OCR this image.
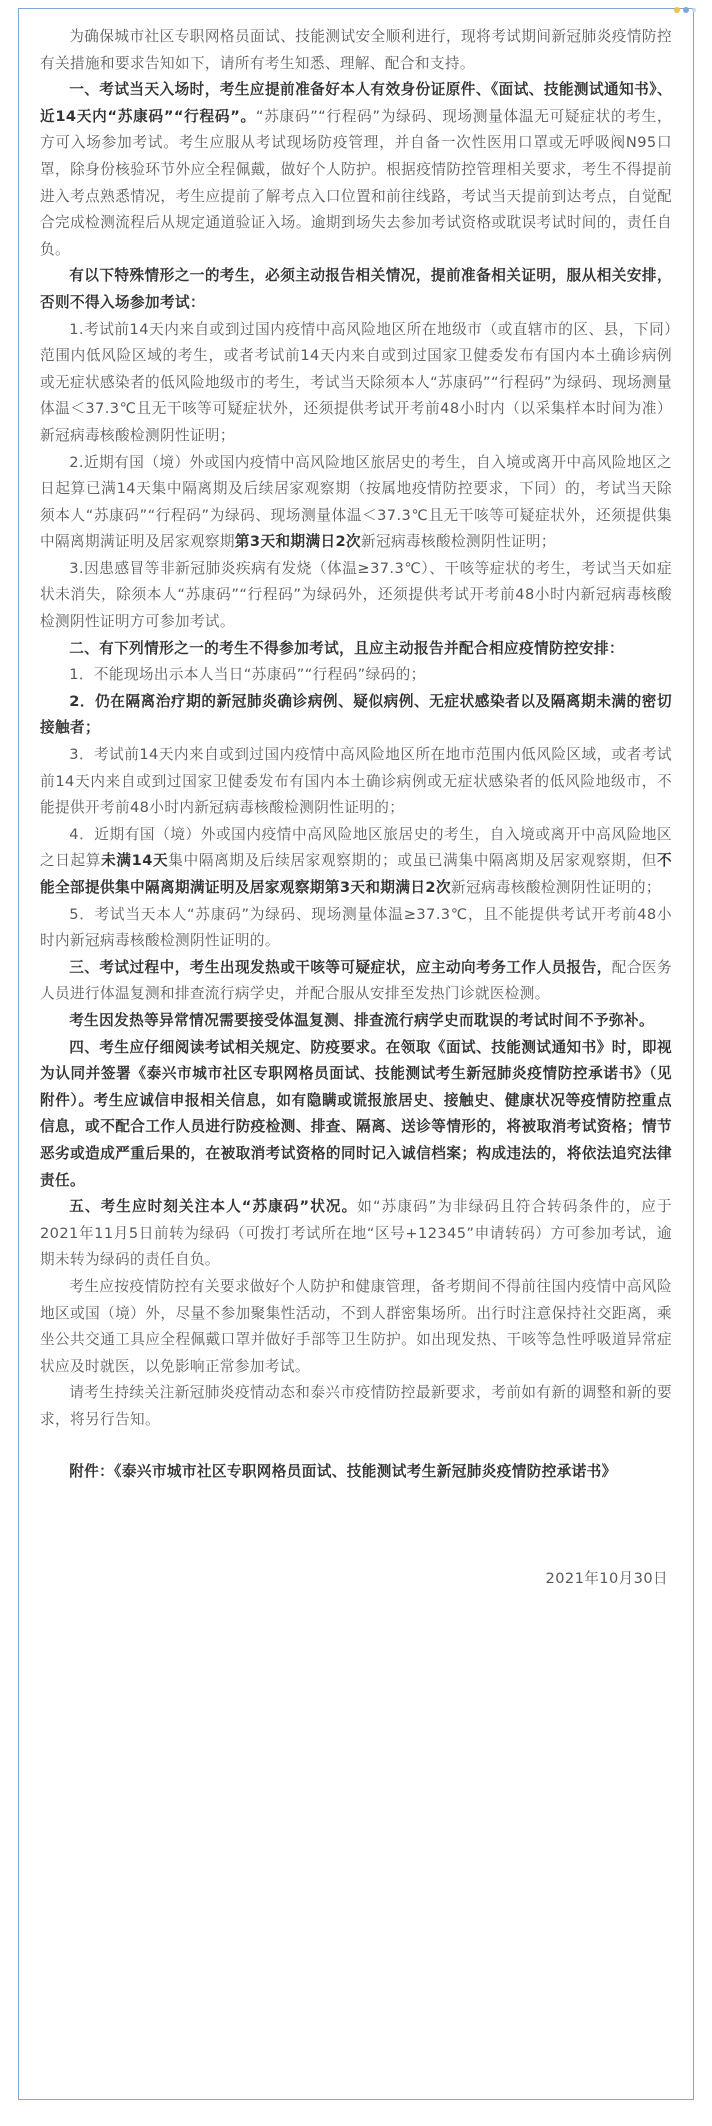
为确保城市社区专职网格员面试、技能测试安全顺利进行，现将考试期间新冠肺炎疫情防控有关措施和要求告知如下，请所有考生知悉、理解、配合和支持。

一、考试当天入场时，考生应提前准备好本人有效身份证原件、《面试、技能测试通知书》、近14天内“苏康码”“行程码”。“苏康码”“行程码”为绿码、现场测量体温无可疑症状的考生，方可入场参加考试。考生应服从考试现场防疫管理，并自备一次性医用口罩或无呼吸阀N95口罩，除身份核验环节外应全程佩戴，做好个人防护。根据疫情防控管理相关要求，考生不得提前进入考点熟悉情况，考生应提前了解考点入口位置和前往线路，考试当天提前到达考点，自觉配合完成检测流程后从规定通道验证入场。逾期到场失去参加考试资格或耽误考试时间的，责任自负。

有以下特殊情形之一的考生，必须主动报告相关情况，提前准备相关证明，服从相关安排，否则不得入场参加考试：

1.考试前14天内来自或到过国内疫情中高风险地区所在地级市（或直辖市的区、县，下同）范围内低风险区域的考生，或者考试前14天内来自或到过国家卫健委发布有国内本土确诊病例或无症状感染者的低风险地级市的考生，考试当天除须本人“苏康码”“行程码”为绿码、现场测量体温＜37.3℃且无干咳等可疑症状外，还须提供考试开考前48小时内（以采集样本时间为准）新冠病毒核酸检测阴性证明；

2.近期有国（境）外或国内疫情中高风险地区旅居史的考生，自入境或离开中高风险地区之日起算已满14天集中隔离期及后续居家观察期（按属地疫情防控要求，下同）的，考试当天除须本人“苏康码”“行程码”为绿码、现场测量体温＜37.3℃且无干咳等可疑症状外，还须提供集中隔离期满证明及居家观察期第3天和期满日2次新冠病毒核酸检测阴性证明；

3.因患感冒等非新冠肺炎疾病有发烧（体温≥37.3℃）、干咳等症状的考生，考试当天如症状未消失，除须本人“苏康码”“行程码”为绿码外，还须提供考试开考前48小时内新冠病毒核酸检测阴性证明方可参加考试。

二、有下列情形之一的考生不得参加考试，且应主动报告并配合相应疫情防控安排：

1．不能现场出示本人当日“苏康码”“行程码”绿码的；

2．仍在隔离治疗期的新冠肺炎确诊病例、疑似病例、无症状感染者以及隔离期未满的密切接触者；

3．考试前14天内来自或到过国内疫情中高风险地区所在地市范围内低风险区域，或者考试前14天内来自或到过国家卫健委发布有国内本土确诊病例或无症状感染者的低风险地级市，不能提供开考前48小时内新冠病毒核酸检测阴性证明的；

4．近期有国（境）外或国内疫情中高风险地区旅居史的考生，自入境或离开中高风险地区之日起算未满14天集中隔离期及后续居家观察期的；或虽已满集中隔离期及居家观察期，但不能全部提供集中隔离期满证明及居家观察期第3天和期满日2次新冠病毒核酸检测阴性证明的；

5．考试当天本人“苏康码”为绿码、现场测量体温≥37.3℃，且不能提供考试开考前48小时内新冠病毒核酸检测阴性证明的。

三、考试过程中，考生出现发热或干咳等可疑症状，应主动向考务工作人员报告，配合医务人员进行体温复测和排查流行病学史，并配合服从安排至发热门诊就医检测。

考生因发热等异常情况需要接受体温复测、排查流行病学史而耽误的考试时间不予弥补。

四、考生应仔细阅读考试相关规定、防疫要求。在领取《面试、技能测试通知书》时，即视为认同并签署《泰兴市城市社区专职网格员面试、技能测试考生新冠肺炎疫情防控承诺书》（见附件）。考生应诚信申报相关信息，如有隐瞒或谎报旅居史、接触史、健康状况等疫情防控重点信息，或不配合工作人员进行防疫检测、排查、隔离、送诊等情形的，将被取消考试资格；情节恶劣或造成严重后果的，在被取消考试资格的同时记入诚信档案；构成违法的，将依法追究法律责任。

五、考生应时刻关注本人“苏康码”状况。如“苏康码”为非绿码且符合转码条件的，应于2021年11月5日前转为绿码（可拨打考试所在地“区号+12345”申请转码）方可参加考试，逾期未转为绿码的责任自负。

考生应按疫情防控有关要求做好个人防护和健康管理，备考期间不得前往国内疫情中高风险地区或国（境）外，尽量不参加聚集性活动，不到人群密集场所。出行时注意保持社交距离，乘坐公共交通工具应全程佩戴口罩并做好手部等卫生防护。如出现发热、干咳等急性呼吸道异常症状应及时就医，以免影响正常参加考试。

请考生持续关注新冠肺炎疫情动态和泰兴市疫情防控最新要求，考前如有新的调整和新的要求，将另行告知。

附件：《泰兴市城市社区专职网格员面试、技能测试考生新冠肺炎疫情防控承诺书》

2021年10月30日
